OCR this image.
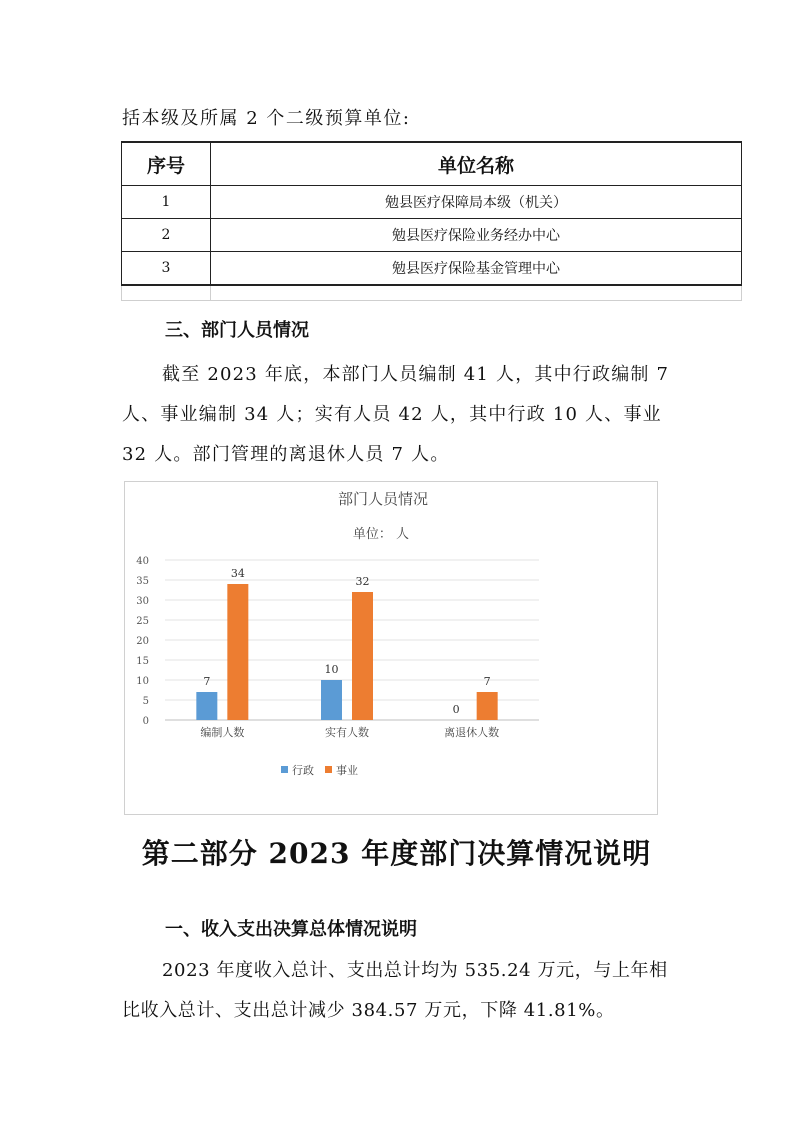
括本级及所属 2 个二级预算单位:

序号	单位名称
1	勉县医疗保障局本级（机关）
2	勉县医疗保险业务经办中心
3	勉县医疗保险基金管理中心

三、部门人员情况

截至 2023 年底，本部门人员编制 41 人，其中行政编制 7 人、事业编制 34 人；实有人员 42 人，其中行政 10 人、事业 32 人。部门管理的离退休人员 7 人。

部门人员情况
单位： 人
0
5
10
15
20
25
30
35
40
编制人数
7
34
实有人数
10
32
离退休人数
0
7
行政 事业
第二部分 2023 年度部门决算情况说明
一、收入支出决算总体情况说明

2023 年度收入总计、支出总计均为 535.24 万元，与上年相比收入总计、支出总计减少 384.57 万元，下降 41.81%。
